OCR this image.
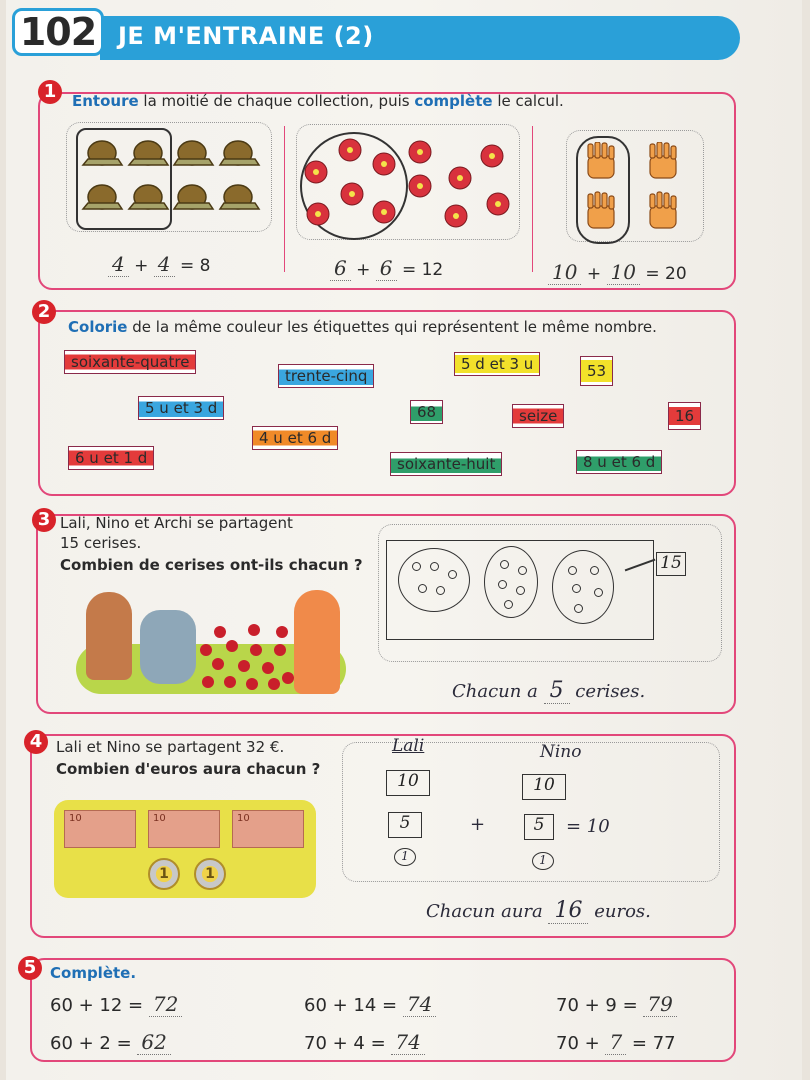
102 JE M'ENTRAINE (2)
1	Entoure la moitié de chaque collection, puis complète le calcul.
4 + 4 = 8	6 + 6 = 12	10 + 10 = 20
2
Colorie de la même couleur les étiquettes qui représentent le même nombre.
soixante-quatre
trente-cinq
5 d et 3 u	53
5 u et 3 d	68	seize	16
4 u et 6 d
6 u et 1 d	soixante-huit	8 u et 6 d
3 Lali, Nino et Archi se partagent
15 cerises.
Combien de cerises ont-ils chacun ?	15
Chacun a 5 cerises.
4 Lali et Nino se partagent 32 €.
Combien d'euros aura chacun ?
10	10	10
1	1
Lali	Nino
10	10
5	+	5	= 10
1	1
Chacun aura 16 euros.
5 Complète.
60 + 12 = 72	60 + 14 = 74	70 + 9 = 79
60 + 2 = 62	70 + 4 = 74	70 + 7 = 77
